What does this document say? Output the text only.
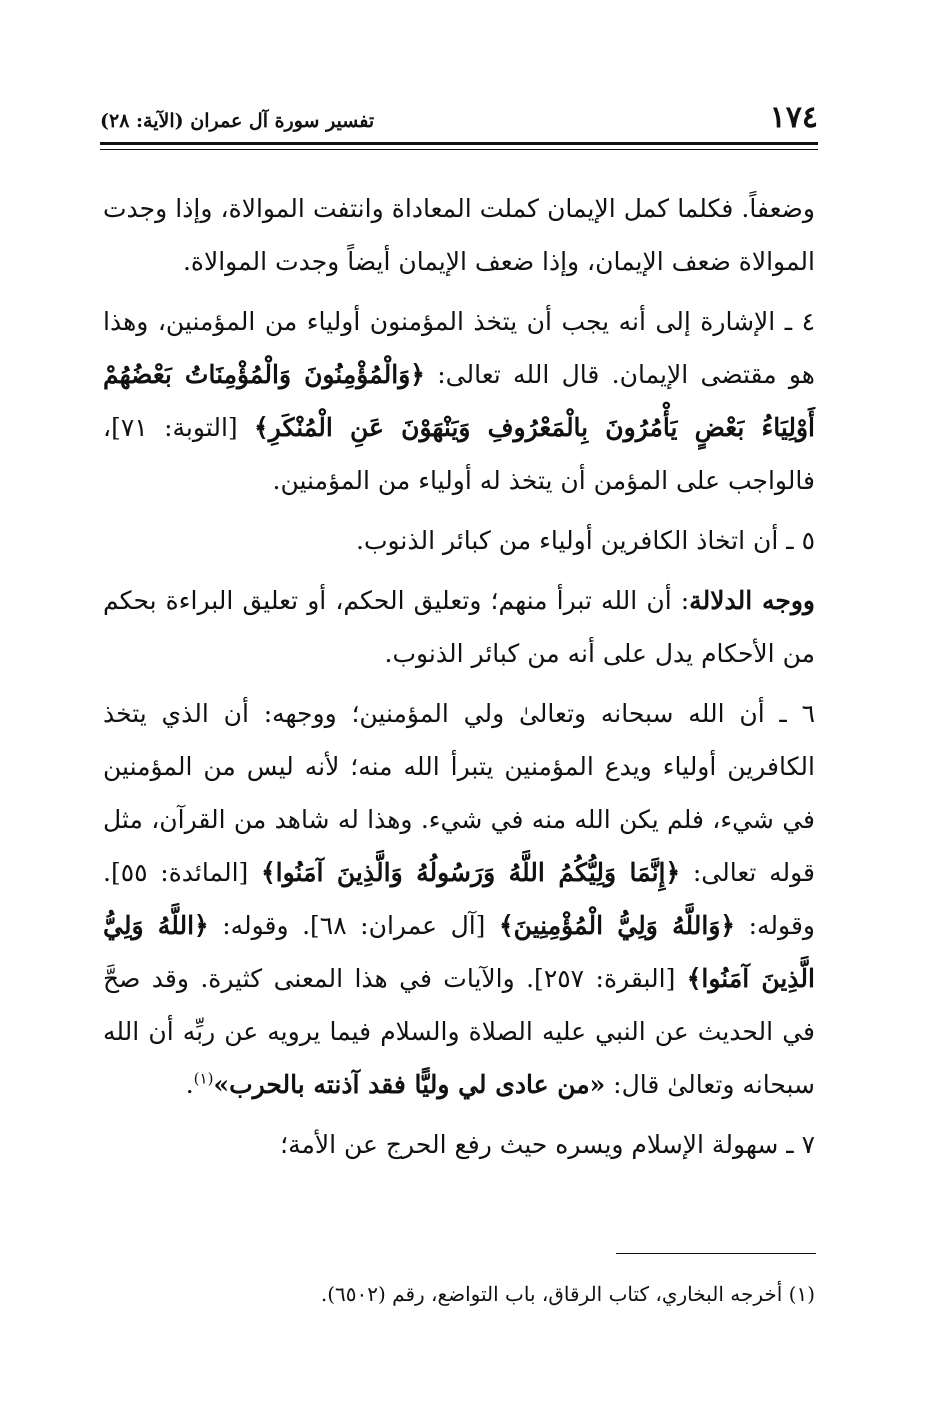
١٧٤
تفسير سورة آل عمران (الآية: ٢٨)

وضعفاً. فكلما كمل الإيمان كملت المعاداة وانتفت الموالاة، وإذا وجدت الموالاة ضعف الإيمان، وإذا ضعف الإيمان أيضاً وجدت الموالاة.

٤ ـ الإشارة إلى أنه يجب أن يتخذ المؤمنون أولياء من المؤمنين، وهذا هو مقتضى الإيمان. قال الله تعالى: ﴿وَالْمُؤْمِنُونَ وَالْمُؤْمِنَاتُ بَعْضُهُمْ أَوْلِيَاءُ بَعْضٍ يَأْمُرُونَ بِالْمَعْرُوفِ وَيَنْهَوْنَ عَنِ الْمُنْكَرِ﴾ [التوبة: ٧١]، فالواجب على المؤمن أن يتخذ له أولياء من المؤمنين.

٥ ـ أن اتخاذ الكافرين أولياء من كبائر الذنوب.

ووجه الدلالة: أن الله تبرأ منهم؛ وتعليق الحكم، أو تعليق البراءة بحكم من الأحكام يدل على أنه من كبائر الذنوب.

٦ ـ أن الله سبحانه وتعالىٰ ولي المؤمنين؛ ووجهه: أن الذي يتخذ الكافرين أولياء ويدع المؤمنين يتبرأ الله منه؛ لأنه ليس من المؤمنين في شيء، فلم يكن الله منه في شيء. وهذا له شاهد من القرآن، مثل قوله تعالى: ﴿إِنَّمَا وَلِيُّكُمُ اللَّهُ وَرَسُولُهُ وَالَّذِينَ آمَنُوا﴾ [المائدة: ٥٥]. وقوله: ﴿وَاللَّهُ وَلِيُّ الْمُؤْمِنِينَ﴾ [آل عمران: ٦٨]. وقوله: ﴿اللَّهُ وَلِيُّ الَّذِينَ آمَنُوا﴾ [البقرة: ٢٥٧]. والآيات في هذا المعنى كثيرة. وقد صحَّ في الحديث عن النبي عليه الصلاة والسلام فيما يرويه عن ربِّه أن الله سبحانه وتعالىٰ قال: «من عادى لي وليًّا فقد آذنته بالحرب»$^{(١)}$.

٧ ـ سهولة الإسلام ويسره حيث رفع الحرج عن الأمة؛

(١) أخرجه البخاري، كتاب الرقاق، باب التواضع، رقم (٦٥٠٢).
